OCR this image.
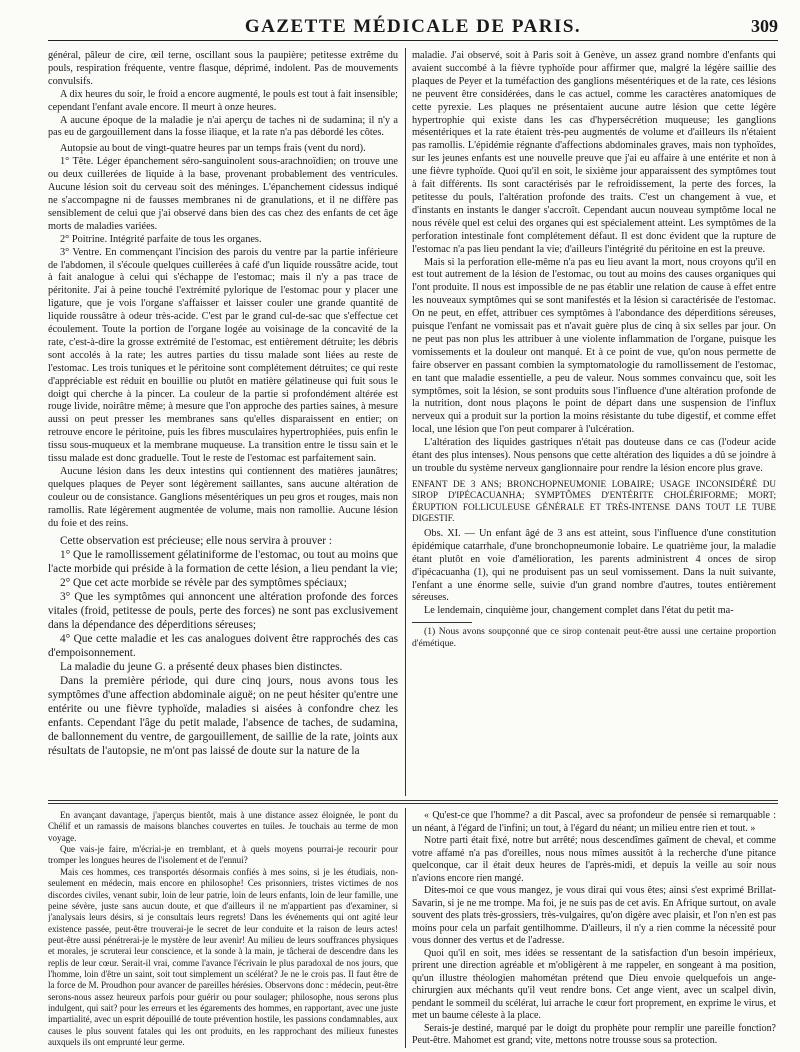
GAZETTE MÉDICALE DE PARIS.	309

général, pâleur de cire, œil terne, oscillant sous la paupière; petitesse extrême du pouls, respiration fréquente, ventre flasque, déprimé, indolent. Pas de mouvements convulsifs.

A dix heures du soir, le froid a encore augmenté, le pouls est tout à fait insensible; cependant l'enfant avale encore. Il meurt à onze heures.

A aucune époque de la maladie je n'ai aperçu de taches ni de sudamina; il n'y a pas eu de gargouillement dans la fosse iliaque, et la rate n'a pas débordé les côtes.

Autopsie au bout de vingt-quatre heures par un temps frais (vent du nord).

1° Tête. Léger épanchement séro-sanguinolent sous-arachnoïdien; on trouve une ou deux cuillerées de liquide à la base, provenant probablement des ventricules. Aucune lésion soit du cerveau soit des méninges. L'épanchement cidessus indiqué ne s'accompagne ni de fausses membranes ni de granulations, et il ne diffère pas sensiblement de celui que j'ai observé dans bien des cas chez des enfants de cet âge morts de maladies variées.

2° Poitrine. Intégrité parfaite de tous les organes.

3° Ventre. En commençant l'incision des parois du ventre par la partie inférieure de l'abdomen, il s'écoule quelques cuillerées à café d'un liquide roussâtre acide, tout à fait analogue à celui qui s'échappe de l'estomac; mais il n'y a pas trace de péritonite. J'ai à peine touché l'extrémité pylorique de l'estomac pour y placer une ligature, que je vois l'organe s'affaisser et laisser couler une grande quantité de liquide roussâtre à odeur très-acide. C'est par le grand cul-de-sac que s'effectue cet écoulement. Toute la portion de l'organe logée au voisinage de la concavité de la rate, c'est-à-dire la grosse extrémité de l'estomac, est entièrement détruite; les débris sont accolés à la rate; les autres parties du tissu malade sont liées au reste de l'estomac. Les trois tuniques et le péritoine sont complétement détruites; ce qui reste d'appréciable est réduit en bouillie ou plutôt en matière gélatineuse qui fuit sous le doigt qui cherche à la pincer. La couleur de la partie si profondément altérée est rouge livide, noirâtre même; à mesure que l'on approche des parties saines, à mesure aussi on peut presser les membranes sans qu'elles disparaissent en entier; on retrouve encore le péritoine, puis les fibres musculaires hypertrophiées, puis enfin le tissu sous-muqueux et la membrane muqueuse. La transition entre le tissu sain et le tissu malade est donc graduelle. Tout le reste de l'estomac est parfaitement sain.

Aucune lésion dans les deux intestins qui contiennent des matières jaunâtres; quelques plaques de Peyer sont légèrement saillantes, sans aucune altération de couleur ou de consistance. Ganglions mésentériques un peu gros et rouges, mais non ramollis. Rate légèrement augmentée de volume, mais non ramollie. Aucune lésion du foie et des reins.

Cette observation est précieuse; elle nous servira à prouver :

1° Que le ramollissement gélatiniforme de l'estomac, ou tout au moins que l'acte morbide qui préside à la formation de cette lésion, a lieu pendant la vie;

2° Que cet acte morbide se révèle par des symptômes spéciaux;

3° Que les symptômes qui annoncent une altération profonde des forces vitales (froid, petitesse de pouls, perte des forces) ne sont pas exclusivement dans la dépendance des déperditions séreuses;

4° Que cette maladie et les cas analogues doivent être rapprochés des cas d'empoisonnement.

La maladie du jeune G. a présenté deux phases bien distinctes.

Dans la première période, qui dure cinq jours, nous avons tous les symptômes d'une affection abdominale aiguë; on ne peut hésiter qu'entre une entérite ou une fièvre typhoïde, maladies si aisées à confondre chez les enfants. Cependant l'âge du petit malade, l'absence de taches, de sudamina, de ballonnement du ventre, de gargouillement, de saillie de la rate, joints aux résultats de l'autopsie, ne m'ont pas laissé de doute sur la nature de la

maladie. J'ai observé, soit à Paris soit à Genève, un assez grand nombre d'enfants qui avaient succombé à la fièvre typhoïde pour affirmer que, malgré la légère saillie des plaques de Peyer et la tuméfaction des ganglions mésentériques et de la rate, ces lésions ne peuvent être considérées, dans le cas actuel, comme les caractères anatomiques de cette pyrexie. Les plaques ne présentaient aucune autre lésion que cette légère hypertrophie qui existe dans les cas d'hypersécrétion muqueuse; les ganglions mésentériques et la rate étaient très-peu augmentés de volume et d'ailleurs ils n'étaient pas ramollis. L'épidémie régnante d'affections abdominales graves, mais non typhoïdes, sur les jeunes enfants est une nouvelle preuve que j'ai eu affaire à une entérite et non à une fièvre typhoïde. Quoi qu'il en soit, le sixième jour apparaissent des symptômes tout à fait différents. Ils sont caractérisés par le refroidissement, la perte des forces, la petitesse du pouls, l'altération profonde des traits. C'est un changement à vue, et d'instants en instants le danger s'accroît. Cependant aucun nouveau symptôme local ne nous révèle quel est celui des organes qui est spécialement atteint. Les symptômes de la perforation intestinale font complétement défaut. Il est donc évident que la rupture de l'estomac n'a pas lieu pendant la vie; d'ailleurs l'intégrité du péritoine en est la preuve.

Mais si la perforation elle-même n'a pas eu lieu avant la mort, nous croyons qu'il en est tout autrement de la lésion de l'estomac, ou tout au moins des causes organiques qui l'ont produite. Il nous est impossible de ne pas établir une relation de cause à effet entre les nouveaux symptômes qui se sont manifestés et la lésion si caractérisée de l'estomac. On ne peut, en effet, attribuer ces symptômes à l'abondance des déperditions séreuses, puisque l'enfant ne vomissait pas et n'avait guère plus de cinq à six selles par jour. On ne peut pas non plus les attribuer à une violente inflammation de l'organe, puisque les vomissements et la douleur ont manqué. Et à ce point de vue, qu'on nous permette de faire observer en passant combien la symptomatologie du ramollissement de l'estomac, en tant que maladie essentielle, a peu de valeur. Nous sommes convaincu que, soit les symptômes, soit la lésion, se sont produits sous l'influence d'une altération profonde de la nutrition, dont nous plaçons le point de départ dans une suspension de l'influx nerveux qui a produit sur la portion la moins résistante du tube digestif, et comme effet local, une lésion que l'on peut comparer à l'ulcération.

L'altération des liquides gastriques n'était pas douteuse dans ce cas (l'odeur acide étant des plus intenses). Nous pensons que cette altération des liquides a dû se joindre à un trouble du système nerveux ganglionnaire pour rendre la lésion encore plus grave.

ENFANT DE 3 ANS; BRONCHOPNEUMONIE LOBAIRE; USAGE INCONSIDÉRÉ DU SIROP D'IPÉCACUANHA; SYMPTÔMES D'ENTÉRITE CHOLÉRIFORME; MORT; ÉRUPTION FOLLICULEUSE GÉNÉRALE ET TRÈS-INTENSE DANS TOUT LE TUBE DIGESTIF.

Obs. XI. — Un enfant âgé de 3 ans est atteint, sous l'influence d'une constitution épidémique catarrhale, d'une bronchopneumonie lobaire. Le quatrième jour, la maladie étant plutôt en voie d'amélioration, les parents administrent 4 onces de sirop d'ipécacuanha (1), qui ne produisent pas un seul vomissement. Dans la nuit suivante, l'enfant a une énorme selle, suivie d'un grand nombre d'autres, toutes entièrement séreuses.

Le lendemain, cinquième jour, changement complet dans l'état du petit ma-

(1) Nous avons soupçonné que ce sirop contenait peut-être aussi une certaine proportion d'émétique.

En avançant davantage, j'aperçus bientôt, mais à une distance assez éloignée, le pont du Chélif et un ramassis de maisons blanches couvertes en tuiles. Je touchais au terme de mon voyage.

Que vais-je faire, m'écriai-je en tremblant, et à quels moyens pourrai-je recourir pour tromper les longues heures de l'isolement et de l'ennui?

Mais ces hommes, ces transportés désormais confiés à mes soins, si je les étudiais, non-seulement en médecin, mais encore en philosophe! Ces prisonniers, tristes victimes de nos discordes civiles, venant subir, loin de leur patrie, loin de leurs enfants, loin de leur famille, une peine sévère, juste sans aucun doute, et que d'ailleurs il ne m'appartient pas d'examiner, si j'analysais leurs désirs, si je consultais leurs regrets! Dans les événements qui ont agité leur existence passée, peut-être trouverai-je le secret de leur conduite et la raison de leurs actes! peut-être aussi pénétrerai-je le mystère de leur avenir! Au milieu de leurs souffrances physiques et morales, je scruterai leur conscience, et la sonde à la main, je tâcherai de descendre dans les replis de leur cœur. Serait-il vrai, comme l'avance l'écrivain le plus paradoxal de nos jours, que l'homme, loin d'être un saint, soit tout simplement un scélérat? Je ne le crois pas. Il faut être de la force de M. Proudhon pour avancer de pareilles hérésies. Observons donc : médecin, peut-être serons-nous assez heureux parfois pour guérir ou pour soulager; philosophe, nous serons plus indulgent, qui sait? pour les erreurs et les égarements des hommes, en rapportant, avec une juste impartialité, avec un esprit dépouillé de toute prévention hostile, les passions condamnables, aux causes le plus souvent fatales qui les ont produits, en les rapprochant des milieux funestes auxquels ils ont emprunté leur germe.

« Qu'est-ce que l'homme? a dit Pascal, avec sa profondeur de pensée si remarquable : un néant, à l'égard de l'infini; un tout, à l'égard du néant; un milieu entre rien et tout. »

Notre parti était fixé, notre but arrêté; nous descendîmes gaîment de cheval, et comme votre affamé n'a pas d'oreilles, nous nous mîmes aussitôt à la recherche d'une pitance quelconque, car il était deux heures de l'après-midi, et depuis la veille au soir nous n'avions encore rien mangé.

Dites-moi ce que vous mangez, je vous dirai qui vous êtes; ainsi s'est exprimé Brillat-Savarin, si je ne me trompe. Ma foi, je ne suis pas de cet avis. En Afrique surtout, on avale souvent des plats très-grossiers, très-vulgaires, qu'on digère avec plaisir, et l'on n'en est pas moins pour cela un parfait gentilhomme. D'ailleurs, il n'y a rien comme la nécessité pour vous donner des vertus et de l'adresse.

Quoi qu'il en soit, mes idées se ressentant de la satisfaction d'un besoin impérieux, prirent une direction agréable et m'obligèrent à me rappeler, en songeant à ma position, qu'un illustre théologien mahométan prétend que Dieu envoie quelquefois un ange-chirurgien aux méchants qu'il veut rendre bons. Cet ange vient, avec un scalpel divin, pendant le sommeil du scélérat, lui arrache le cœur fort proprement, en exprime le virus, et met un baume céleste à la place.

Serais-je destiné, marqué par le doigt du prophète pour remplir une pareille fonction? Peut-être. Mahomet est grand; vite, mettons notre trousse sous sa protection.
